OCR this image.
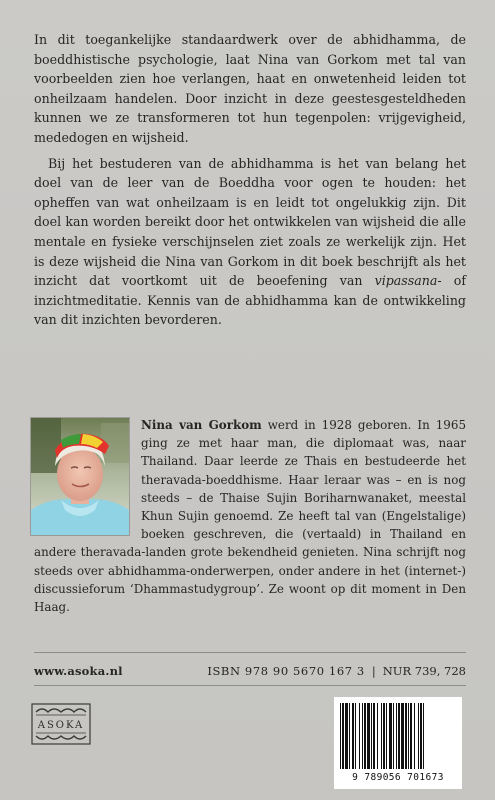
In dit toegankelijke standaardwerk over de abhidhamma, de boeddhistische psychologie, laat Nina van Gorkom met tal van voorbeelden zien hoe verlangen, haat en onwetenheid leiden tot onheilzaam handelen. Door inzicht in deze geestesgesteldheden kunnen we ze transformeren tot hun tegenpolen: vrijgevigheid, mededogen en wijsheid.

Bij het bestuderen van de abhidhamma is het van belang het doel van de leer van de Boeddha voor ogen te houden: het opheffen van wat onheilzaam is en leidt tot ongelukkig zijn. Dit doel kan worden bereikt door het ontwikkelen van wijsheid die alle mentale en fysieke verschijnselen ziet zoals ze werkelijk zijn. Het is deze wijsheid die Nina van Gorkom in dit boek beschrijft als het inzicht dat voortkomt uit de beoefening van vipassana- of inzichtmeditatie. Kennis van de abhidhamma kan de ontwikkeling van dit inzichten bevorderen.

Nina van Gorkom werd in 1928 geboren. In 1965 ging ze met haar man, die diplomaat was, naar Thailand. Daar leerde ze Thais en bestudeerde het theravada-boeddhisme. Haar leraar was – en is nog steeds – de Thaise Sujin Boriharnwanaket, meestal Khun Sujin genoemd. Ze heeft tal van (Engelstalige) boeken geschreven, die (vertaald) in Thailand en andere theravada-landen grote bekendheid genieten. Nina schrijft nog steeds over abhidhamma-onderwerpen, onder andere in het (internet-) discussieforum ‘Dhammastudygroup’. Ze woont op dit moment in Den Haag.
www.asoka.nl	ISBN 978 90 5670 167 3 | NUR 739, 728
ASOKA
9 789056 701673
